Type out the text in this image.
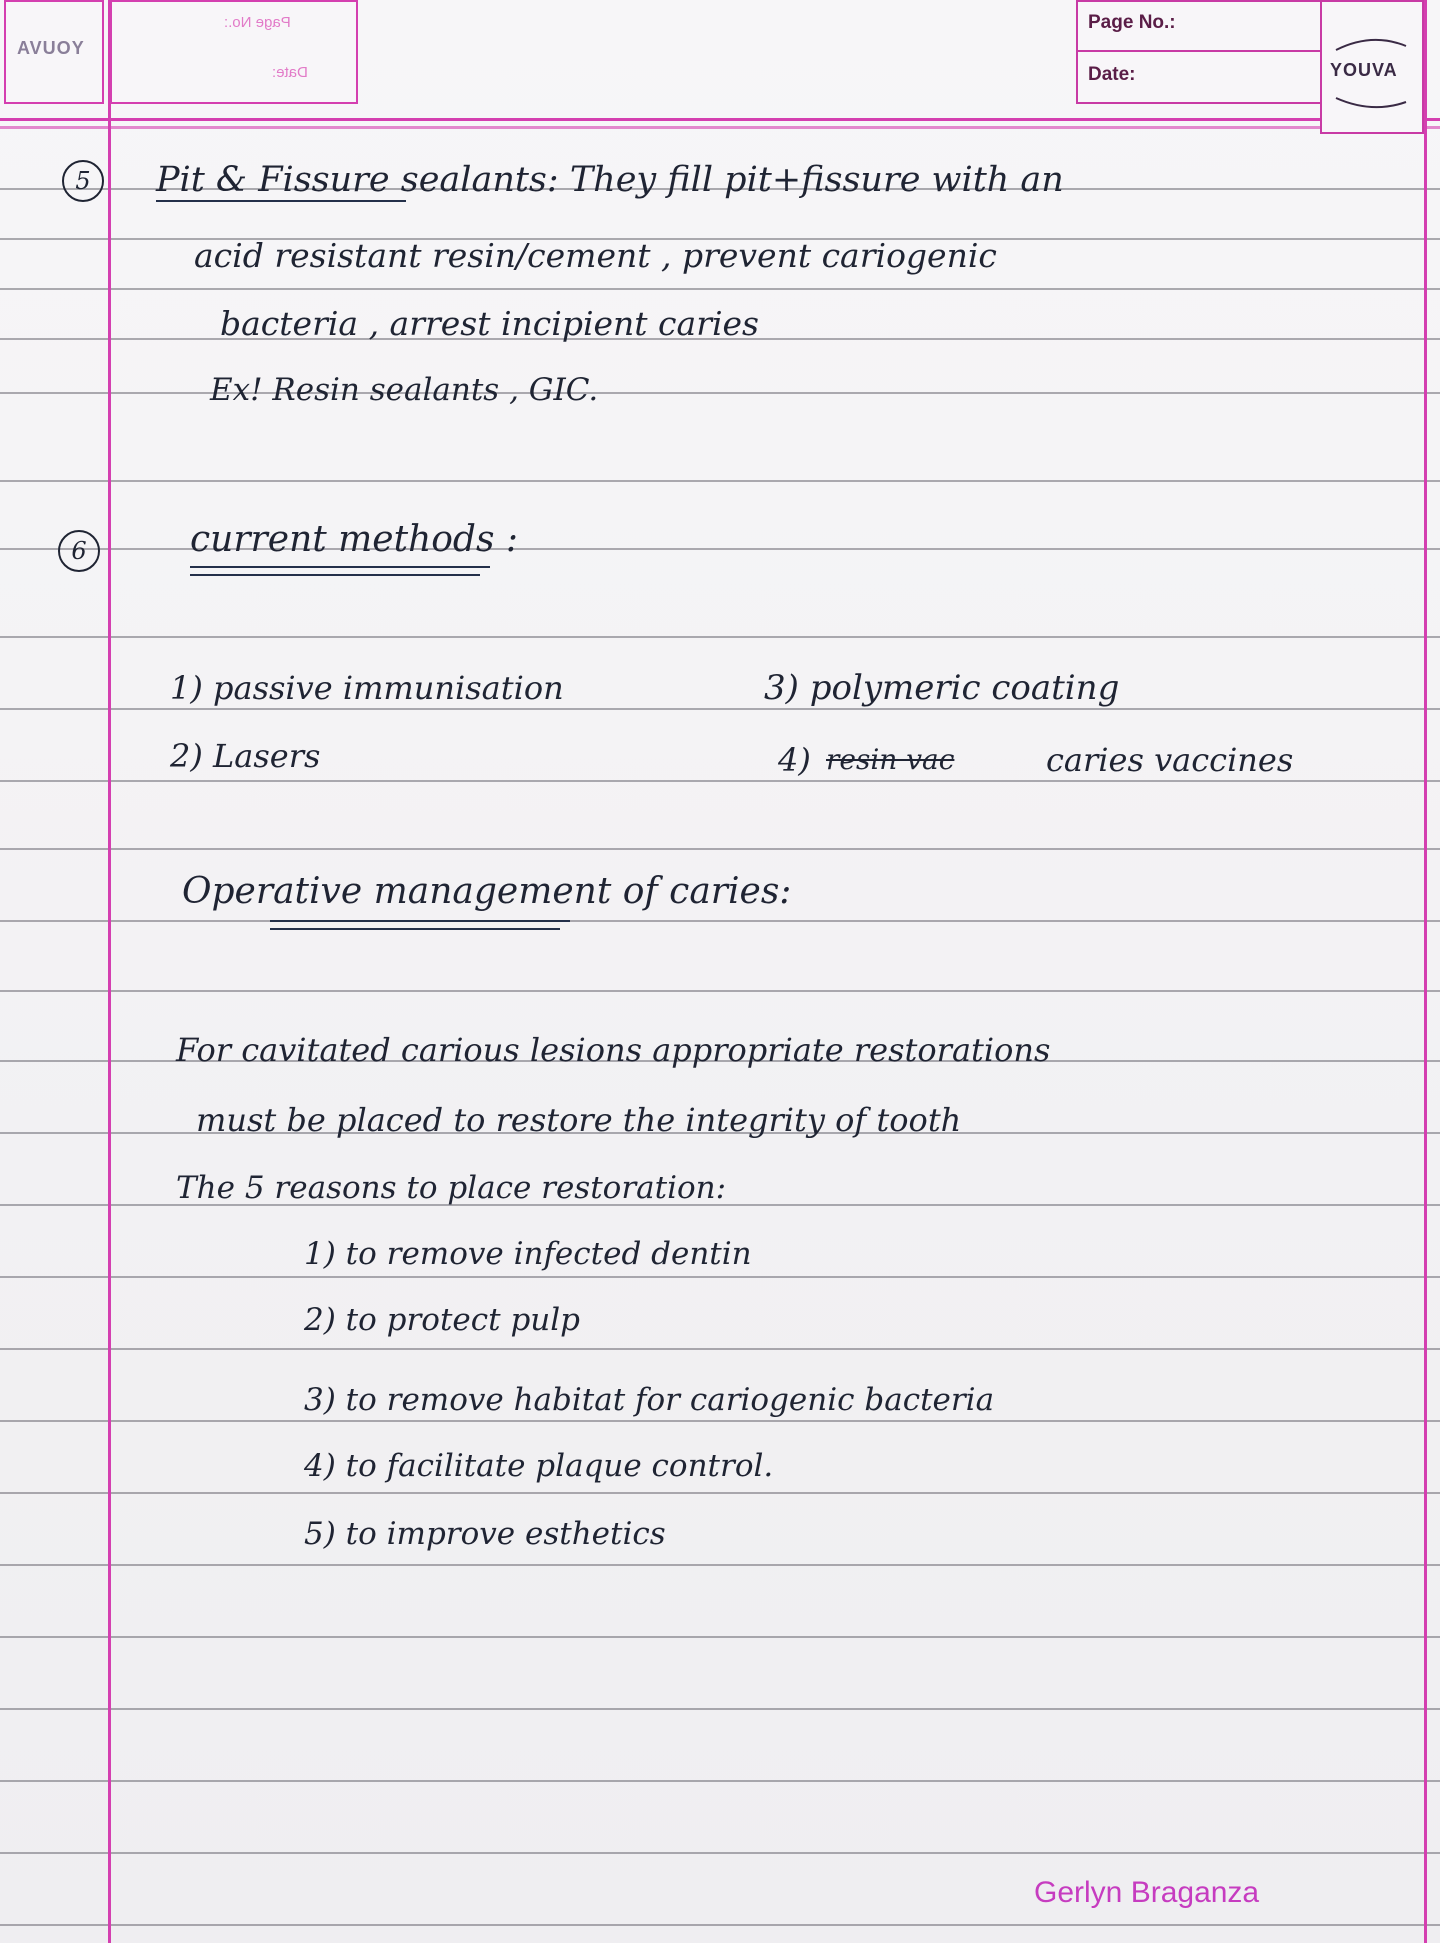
YOUVA
Page No.:
Date:
Page No.:
Date:	YOUVA
5	Pit & Fissure sealants: They fill pit+fissure with an
acid resistant resin/cement , prevent cariogenic
bacteria , arrest incipient caries
Ex! Resin sealants , GIC.
6	current methods :
1) passive immunisation
2) Lasers
3) polymeric coating
4) resin vac	caries vaccines
Operative management of caries:
For cavitated carious lesions appropriate restorations
must be placed to restore the integrity of tooth
The 5 reasons to place restoration:
1) to remove infected dentin
2) to protect pulp
3) to remove habitat for cariogenic bacteria
4) to facilitate plaque control.
5) to improve esthetics
Gerlyn Braganza
